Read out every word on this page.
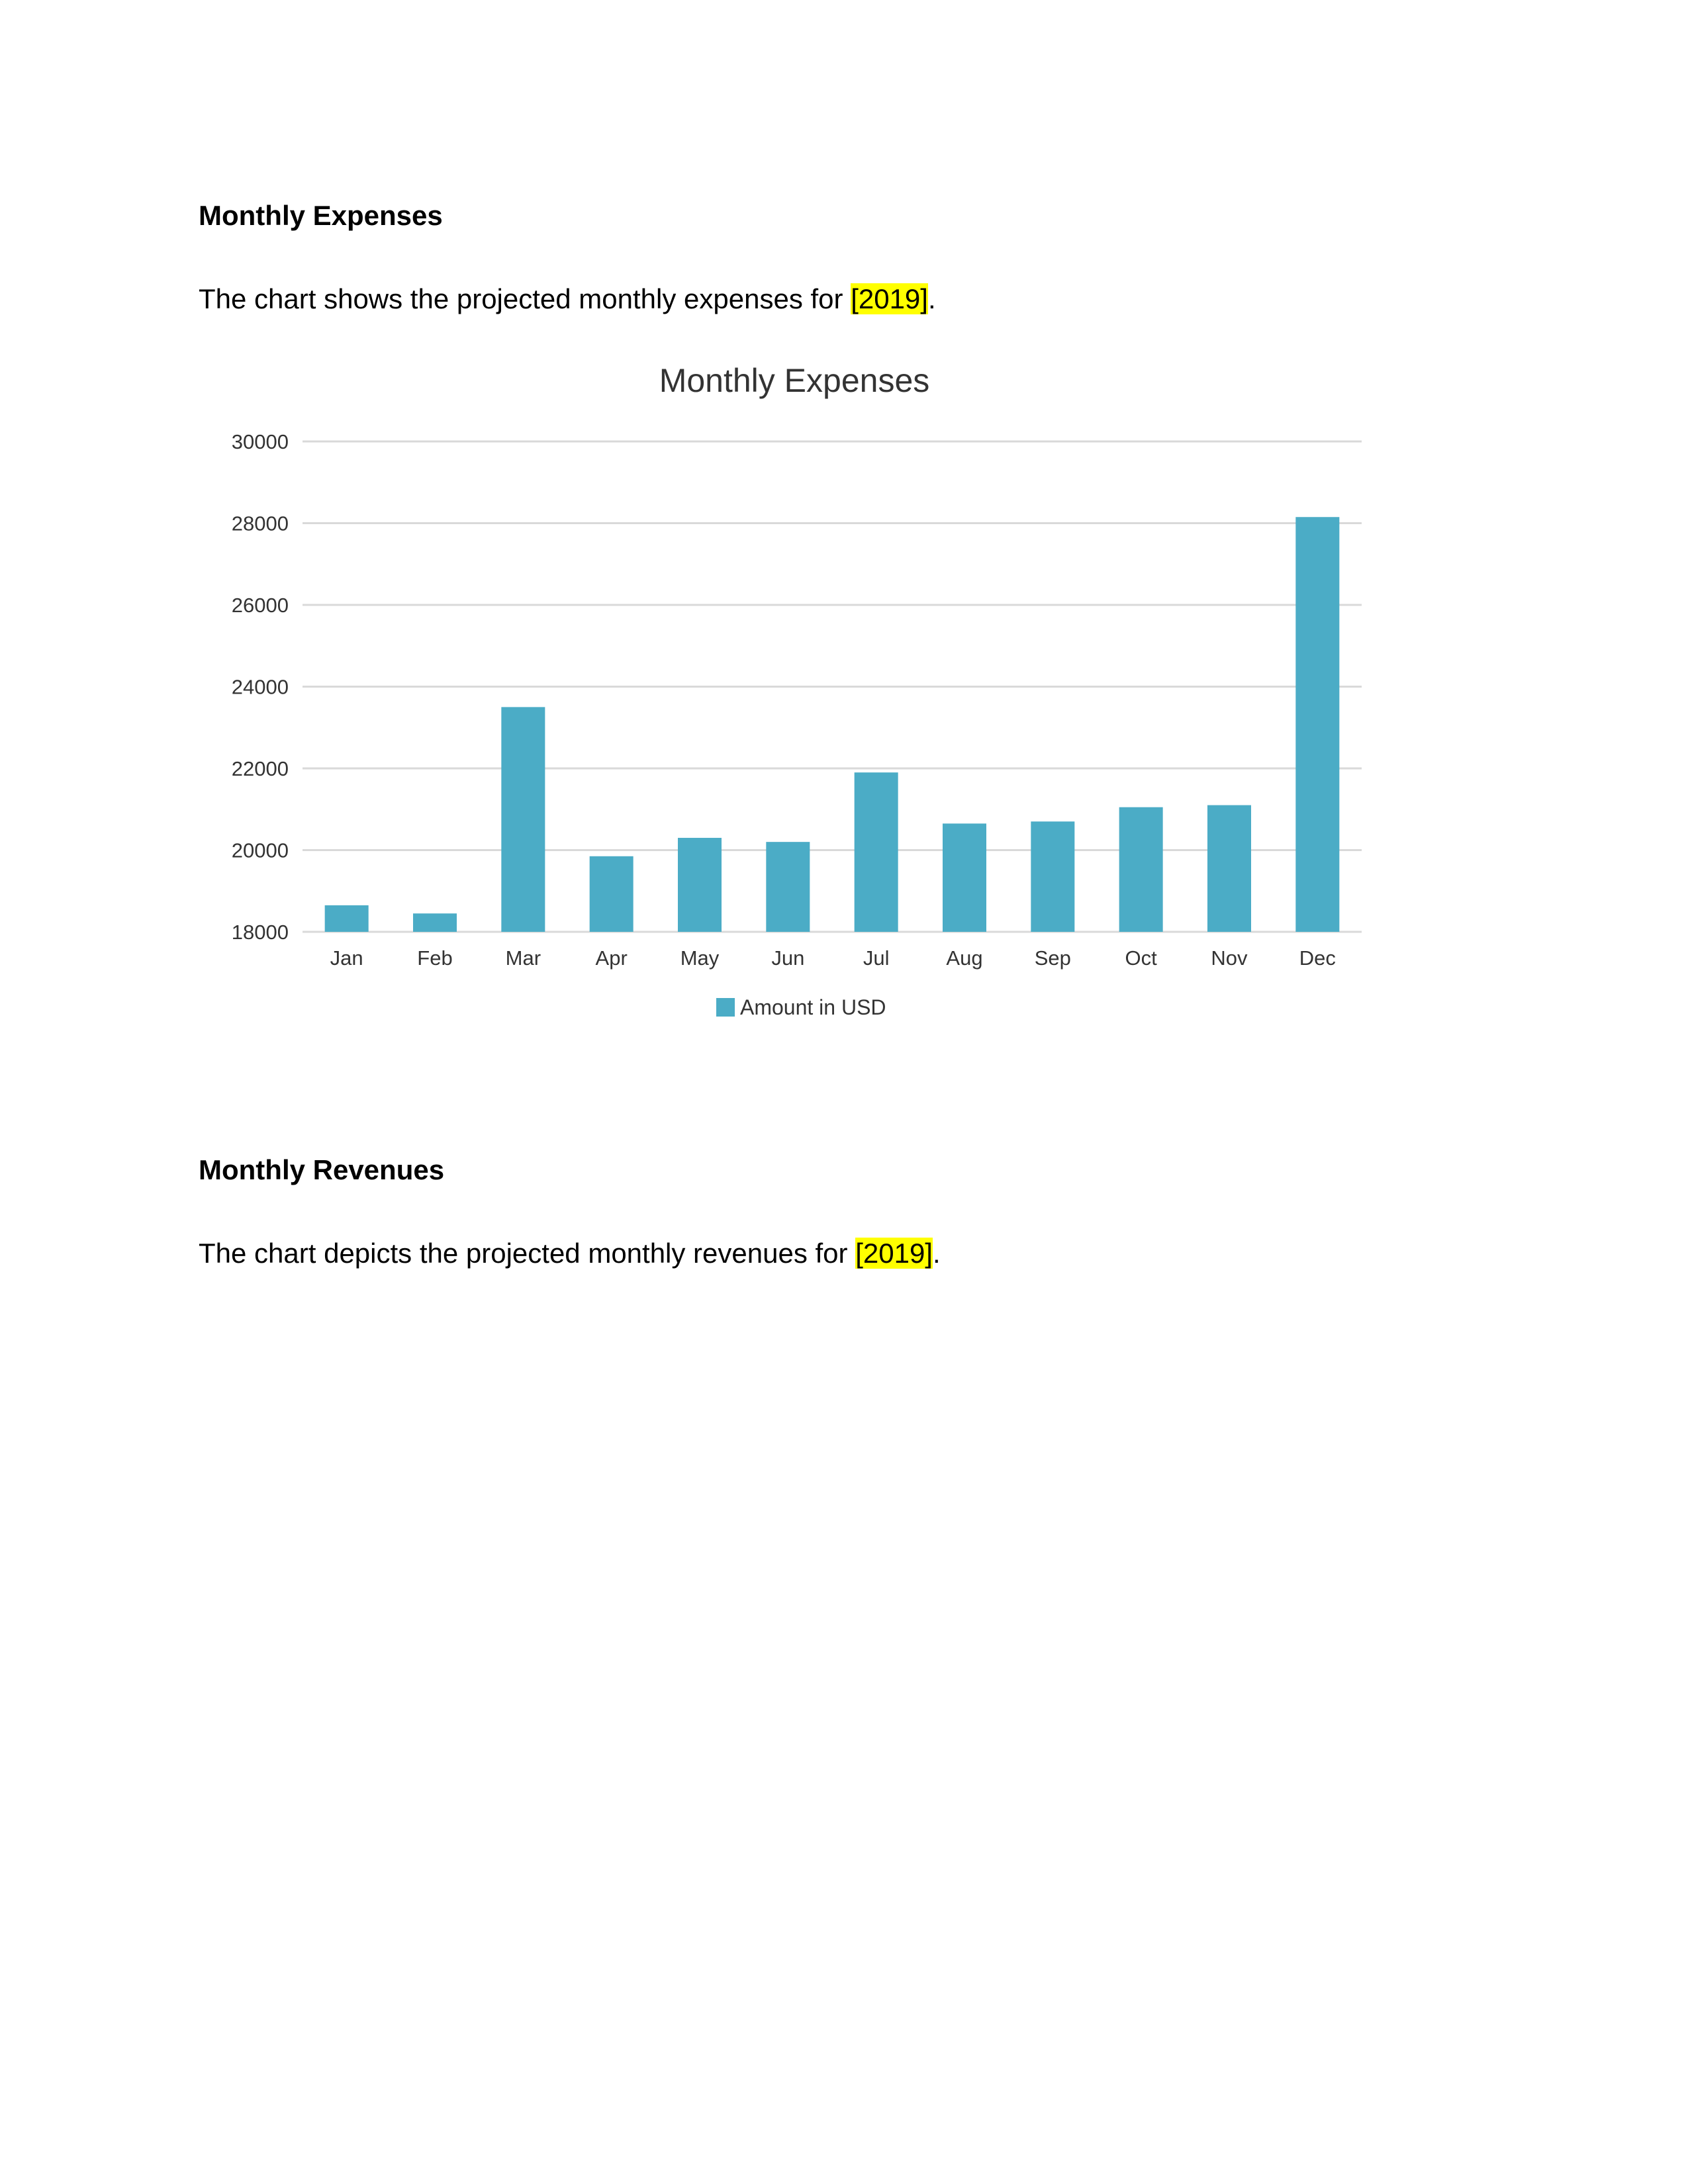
Monthly Expenses
The chart shows the projected monthly expenses for [2019].
Monthly Expenses
18000
20000
22000
24000
26000
28000
30000
Jan	Feb	Mar	Apr	May	Jun	Jul	Aug	Sep	Oct	Nov	Dec
Amount in USD
Monthly Revenues
The chart depicts the projected monthly revenues for [2019].
